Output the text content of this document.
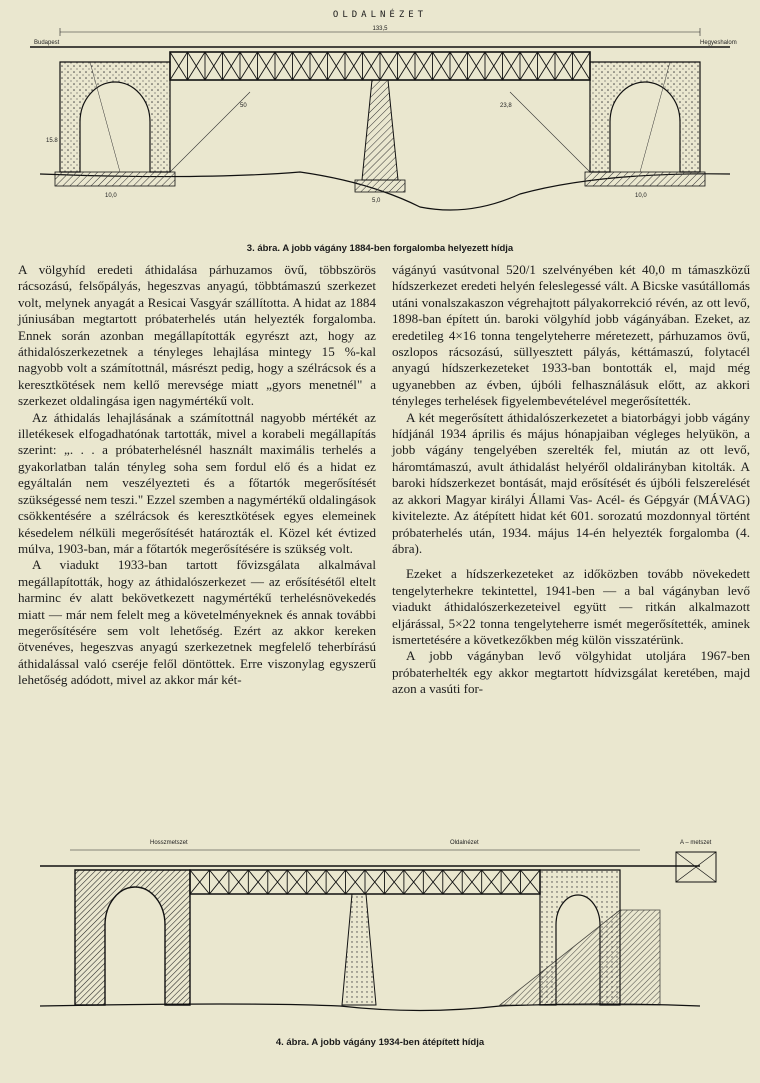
OLDALNÉZET
133,5
Budapest	Hegyeshalom
50	23,8
15.8
10,0
5,0
10,0
3. ábra. A jobb vágány 1884-ben forgalomba helyezett hídja

A völgyhíd eredeti áthidalása párhuzamos övű, többszörös rácsozású, felsőpályás, hegeszvas anyagú, többtámaszú szerkezet volt, melynek anyagát a Resicai Vasgyár szállította. A hidat az 1884 júniusában megtartott próbaterhelés után helyezték forgalomba. Ennek során azonban megállapították egyrészt azt, hogy az áthidalószerkezetnek a tényleges lehajlása mintegy 15 %-kal nagyobb volt a számítottnál, másrészt pedig, hogy a szélrácsok és a keresztkötések nem kellő merevsége miatt „gyors menetnél" a szerkezet oldalingása igen nagymértékű volt.

Az áthidalás lehajlásának a számítottnál nagyobb mértékét az illetékesek elfogadhatónak tartották, mivel a korabeli megállapítás szerint: „. . . a próbaterhelésnél használt maximális terhelés a gyakorlatban talán tényleg soha sem fordul elő és a hidat ez egyáltalán nem veszélyezteti és a főtartók megerősítését szükségessé nem teszi." Ezzel szemben a nagymértékű oldalingások csökkentésére a szélrácsok és keresztkötések egyes elemeinek késedelem nélküli megerősítését határozták el. Közel két évtized múlva, 1903-ban, már a főtartók megerősítésére is szükség volt.

A viadukt 1933-ban tartott fővizsgálata alkalmával megállapították, hogy az áthidalószerkezet — az erősítésétől eltelt harminc év alatt bekövetkezett nagymértékű terhelésnövekedés miatt — már nem felelt meg a követelményeknek és annak további megerősítésére sem volt lehetőség. Ezért az akkor kereken ötvenéves, hegeszvas anyagú szerkezetnek megfelelő teherbírású áthidalással való cseréje felől döntöttek. Erre viszonylag egyszerű lehetőség adódott, mivel az akkor már két-

vágányú vasútvonal 520/1 szelvényében két 40,0 m támaszközű hídszerkezet eredeti helyén feleslegessé vált. A Bicske vasútállomás utáni vonalszakaszon végrehajtott pályakorrekció révén, az ott levő, 1898-ban épített ún. baroki völgyhíd jobb vágányában. Ezeket, az eredetileg 4×16 tonna tengelyteherre méretezett, párhuzamos övű, oszlopos rácsozású, süllyesztett pályás, kéttámaszú, folytacél anyagú hídszerkezeteket 1933-ban bontották el, majd még ugyanebben az évben, újbóli felhasználásuk előtt, az akkori tényleges terhelések figyelembevételével megerősítették.

A két megerősített áthidalószerkezetet a biatorbágyi jobb vágány hídjánál 1934 április és május hónapjaiban végleges helyükön, a jobb vágány tengelyében szerelték fel, miután az ott levő, háromtámaszú, avult áthidalást helyéről oldalirányban kitolták. A baroki hídszerkezet bontását, majd erősítését és újbóli felszerelését az akkori Magyar királyi Állami Vas- Acél- és Gépgyár (MÁVAG) kivitelezte. Az átépített hidat két 601. sorozatú mozdonnyal történt próbaterhelés után, 1934. május 14-én helyezték forgalomba (4. ábra).

Ezeket a hídszerkezeteket az időközben tovább növekedett tengelyterhekre tekintettel, 1941-ben — a bal vágányban levő viadukt áthidalószerkezeteivel együtt — ritkán alkalmazott eljárással, 5×22 tonna tengelyteherre ismét megerősítették, aminek ismertetésére a következőkben még külön visszatérünk.

A jobb vágányban levő völgyhidat utoljára 1967-ben próbaterhelték egy akkor megtartott hídvizsgálat keretében, majd azon a vasúti for-

Hosszmetszet	Oldalnézet	A – metszet
4. ábra. A jobb vágány 1934-ben átépített hídja
